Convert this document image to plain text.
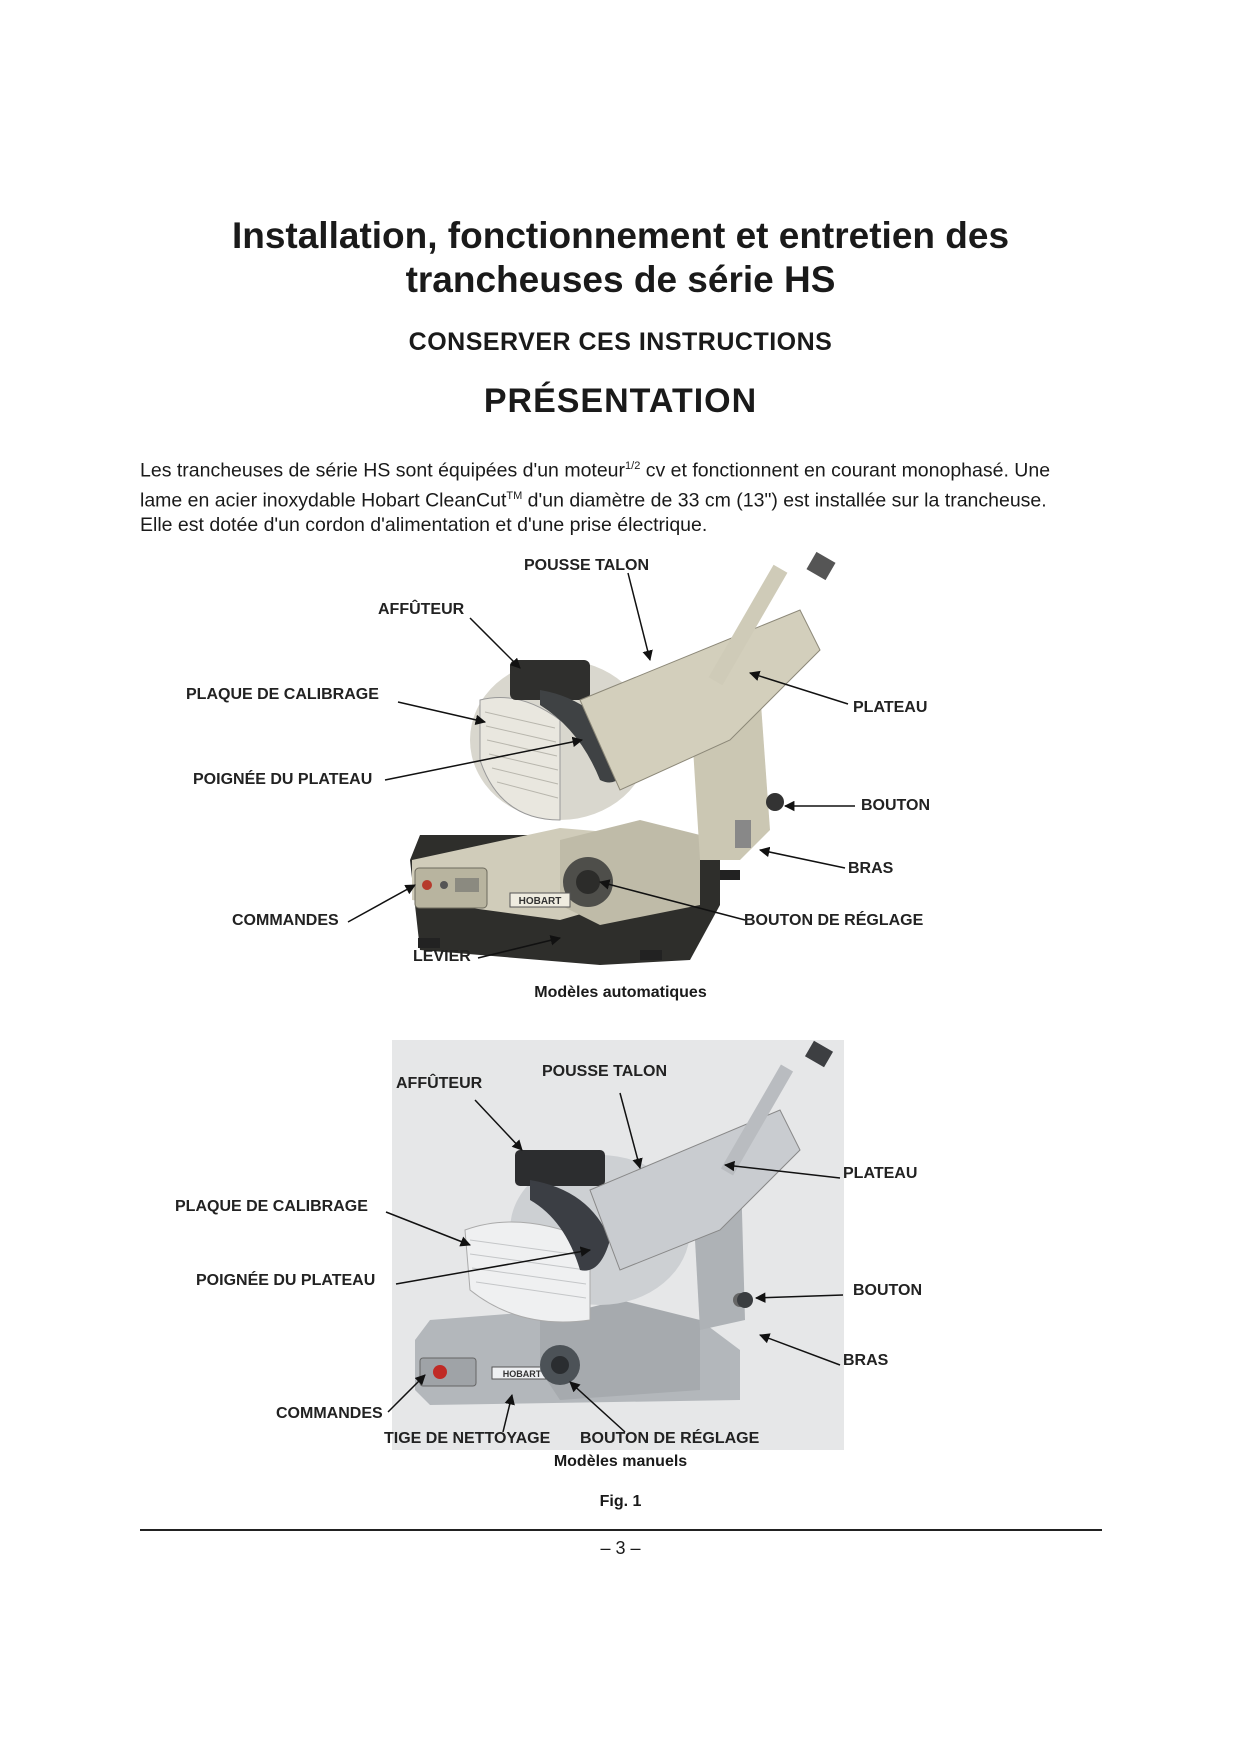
Installation, fonctionnement et entretien des
trancheuses de série HS
CONSERVER CES INSTRUCTIONS
PRÉSENTATION
Les trancheuses de série HS sont équipées d'un moteur$^{1/2}$ cv et fonctionnent en courant monophasé. Une
lame en acier inoxydable Hobart CleanCut™ d'un diamètre de 33 cm (13") est installée sur la trancheuse.
Elle est dotée d'un cordon d'alimentation et d'une prise électrique.
HOBART
HOBART
POUSSE TALON
AFFÛTEUR
PLAQUE DE CALIBRAGE
PLATEAU
POIGNÉE DU PLATEAU
BOUTON
BRAS
COMMANDES	BOUTON DE RÉGLAGE
LEVIER
Modèles automatiques
AFFÛTEUR
POUSSE TALON
PLATEAU
PLAQUE DE CALIBRAGE
POIGNÉE DU PLATEAU
BOUTON
BRAS
COMMANDES
TIGE DE NETTOYAGE BOUTON DE RÉGLAGE
Modèles manuels
Fig. 1
– 3 –
